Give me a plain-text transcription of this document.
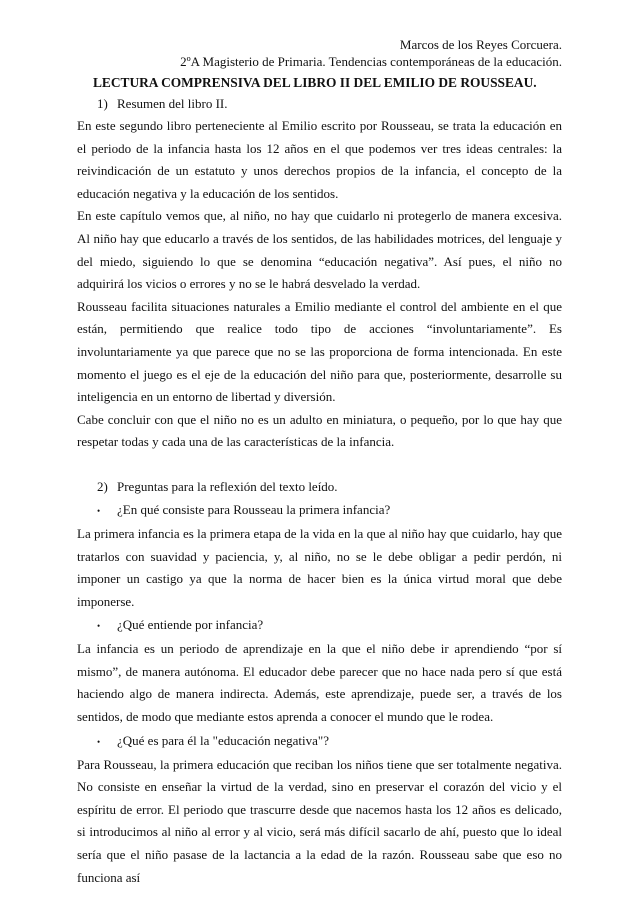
Marcos de los Reyes Corcuera.
2ºA Magisterio de Primaria. Tendencias contemporáneas de la educación.
LECTURA COMPRENSIVA DEL LIBRO II DEL EMILIO DE ROUSSEAU.
1) Resumen del libro II.

En este segundo libro perteneciente al Emilio escrito por Rousseau, se trata la educación en el periodo de la infancia hasta los 12 años en el que podemos ver tres ideas centrales: la reivindicación de un estatuto y unos derechos propios de la infancia, el concepto de la educación negativa y la educación de los sentidos.

En este capítulo vemos que, al niño, no hay que cuidarlo ni protegerlo de manera excesiva. Al niño hay que educarlo a través de los sentidos, de las habilidades motrices, del lenguaje y del miedo, siguiendo lo que se denomina “educación negativa”. Así pues, el niño no adquirirá los vicios o errores y no se le habrá desvelado la verdad.

Rousseau facilita situaciones naturales a Emilio mediante el control del ambiente en el que están, permitiendo que realice todo tipo de acciones “involuntariamente”. Es involuntariamente ya que parece que no se las proporciona de forma intencionada. En este momento el juego es el eje de la educación del niño para que, posteriormente, desarrolle su inteligencia en un entorno de libertad y diversión.

Cabe concluir con que el niño no es un adulto en miniatura, o pequeño, por lo que hay que respetar todas y cada una de las características de la infancia.

2) Preguntas para la reflexión del texto leído.
•	¿En qué consiste para Rousseau la primera infancia?

La primera infancia es la primera etapa de la vida en la que al niño hay que cuidarlo, hay que tratarlos con suavidad y paciencia, y, al niño, no se le debe obligar a pedir perdón, ni imponer un castigo ya que la norma de hacer bien es la única virtud moral que debe imponerse.

•	¿Qué entiende por infancia?

La infancia es un periodo de aprendizaje en la que el niño debe ir aprendiendo “por sí mismo”, de manera autónoma. El educador debe parecer que no hace nada pero sí que está haciendo algo de manera indirecta. Además, este aprendizaje, puede ser, a través de los sentidos, de modo que mediante estos aprenda a conocer el mundo que le rodea.

•	¿Qué es para él la "educación negativa"?

Para Rousseau, la primera educación que reciban los niños tiene que ser totalmente negativa. No consiste en enseñar la virtud de la verdad, sino en preservar el corazón del vicio y el espíritu de error. El periodo que trascurre desde que nacemos hasta los 12 años es delicado, si introducimos al niño al error y al vicio, será más difícil sacarlo de ahí, puesto que lo ideal sería que el niño pasase de la lactancia a la edad de la razón. Rousseau sabe que eso no funciona así
